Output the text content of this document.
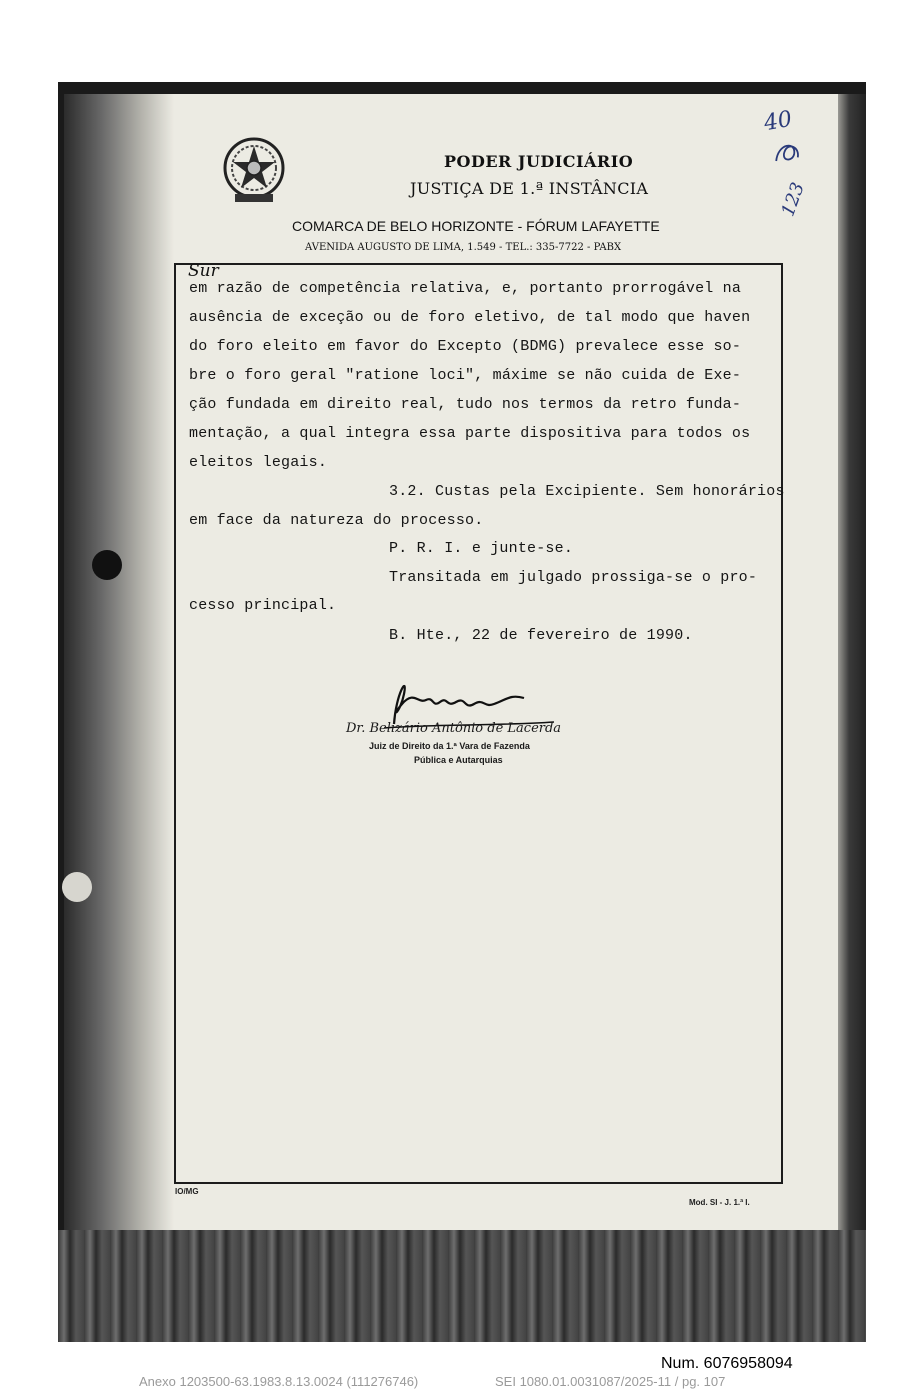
PODER JUDICIÁRIO
JUSTIÇA DE 1.ª INSTÂNCIA
COMARCA DE BELO HORIZONTE - FÓRUM LAFAYETTE
AVENIDA AUGUSTO DE LIMA, 1.549 - TEL.: 335-7722 - PABX
40
123
Sur
em razão de competência relativa, e, portanto prorrogável na
ausência de exceção ou de foro eletivo, de tal modo que haven
do foro eleito em favor do Excepto (BDMG) prevalece esse so-
bre o foro geral "ratione loci", máxime se não cuida de Exe-
ção fundada em direito real, tudo nos termos da retro funda-
mentação, a qual integra essa parte dispositiva para todos os
eleitos legais.
3.2. Custas pela Excipiente. Sem honorários
em face da natureza do processo.
P. R. I. e junte-se.
Transitada em julgado prossiga-se o pro-
cesso principal.
B. Hte., 22 de fevereiro de 1990.
Dr. Belizário Antônio de Lacerda
Juiz de Direito da 1.ª Vara de Fazenda
Pública e Autarquias
IO/MG
Mod. SI - J. 1.ª I.
Num. 6076958094
Anexo 1203500-63.1983.8.13.0024 (111276746)	SEI 1080.01.0031087/2025-11 / pg. 107
